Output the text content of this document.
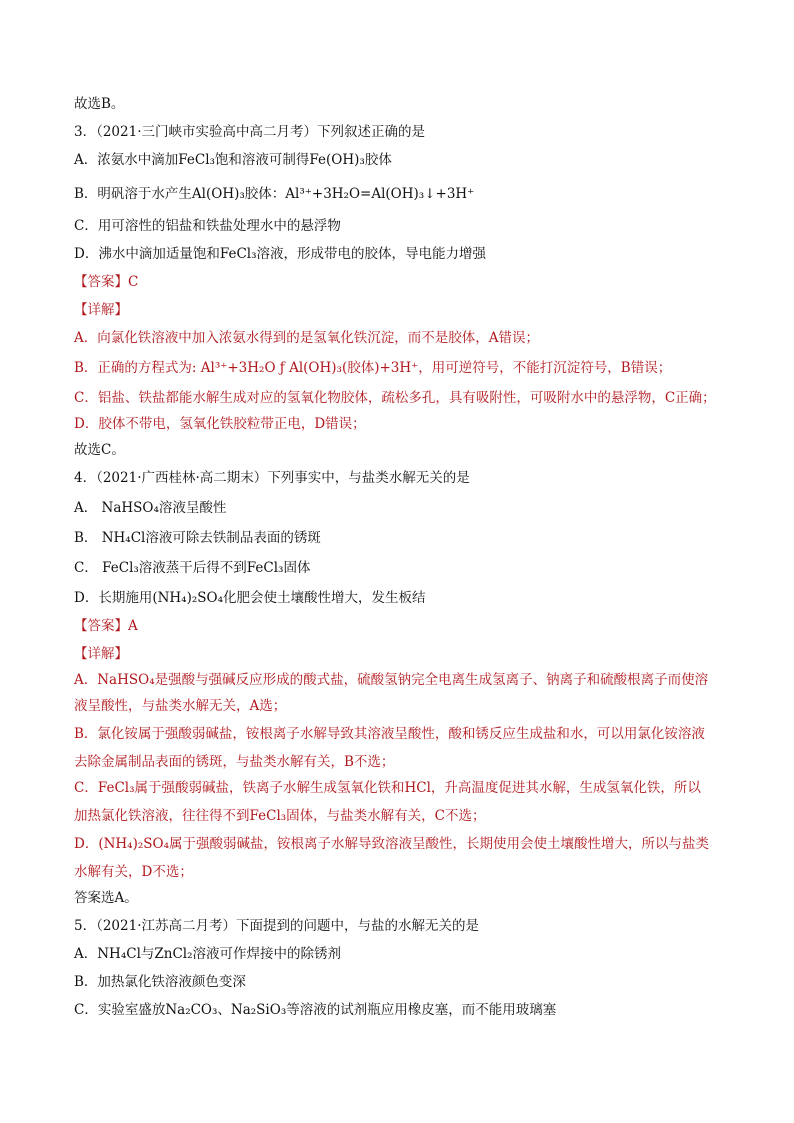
故选B。
3．（2021·三门峡市实验高中高二月考）下列叙述正确的是
A．浓氨水中滴加FeCl₃饱和溶液可制得Fe(OH)₃胶体
B．明矾溶于水产生Al(OH)₃胶体：Al³⁺+3H₂O=Al(OH)₃↓+3H⁺
C．用可溶性的铝盐和铁盐处理水中的悬浮物
D．沸水中滴加适量饱和FeCl₃溶液，形成带电的胶体，导电能力增强
【答案】C
【详解】
A．向氯化铁溶液中加入浓氨水得到的是氢氧化铁沉淀，而不是胶体，A错误；
B．正确的方程式为: Al³⁺+3H₂O ƒ Al(OH)₃(胶体)+3H⁺，用可逆符号，不能打沉淀符号，B错误；
C．铝盐、铁盐都能水解生成对应的氢氧化物胶体，疏松多孔，具有吸附性，可吸附水中的悬浮物，C正确；
D．胶体不带电，氢氧化铁胶粒带正电，D错误；
故选C。
4．（2021·广西桂林·高二期末）下列事实中，与盐类水解无关的是
A． NaHSO₄溶液呈酸性
B． NH₄Cl溶液可除去铁制品表面的锈斑
C． FeCl₃溶液蒸干后得不到FeCl₃固体
D．长期施用(NH₄)₂SO₄化肥会使土壤酸性增大，发生板结
【答案】A
【详解】
A．NaHSO₄是强酸与强碱反应形成的酸式盐，硫酸氢钠完全电离生成氢离子、钠离子和硫酸根离子而使溶
液呈酸性，与盐类水解无关，A选；
B．氯化铵属于强酸弱碱盐，铵根离子水解导致其溶液呈酸性，酸和锈反应生成盐和水，可以用氯化铵溶液
去除金属制品表面的锈斑，与盐类水解有关，B不选；
C．FeCl₃属于强酸弱碱盐，铁离子水解生成氢氧化铁和HCl，升高温度促进其水解，生成氢氧化铁，所以
加热氯化铁溶液，往往得不到FeCl₃固体，与盐类水解有关，C不选；
D．(NH₄)₂SO₄属于强酸弱碱盐，铵根离子水解导致溶液呈酸性，长期使用会使土壤酸性增大，所以与盐类
水解有关，D不选；
答案选A。
5．（2021·江苏高二月考）下面提到的问题中，与盐的水解无关的是
A．NH₄Cl与ZnCl₂溶液可作焊接中的除锈剂
B．加热氯化铁溶液颜色变深
C．实验室盛放Na₂CO₃、Na₂SiO₃等溶液的试剂瓶应用橡皮塞，而不能用玻璃塞
